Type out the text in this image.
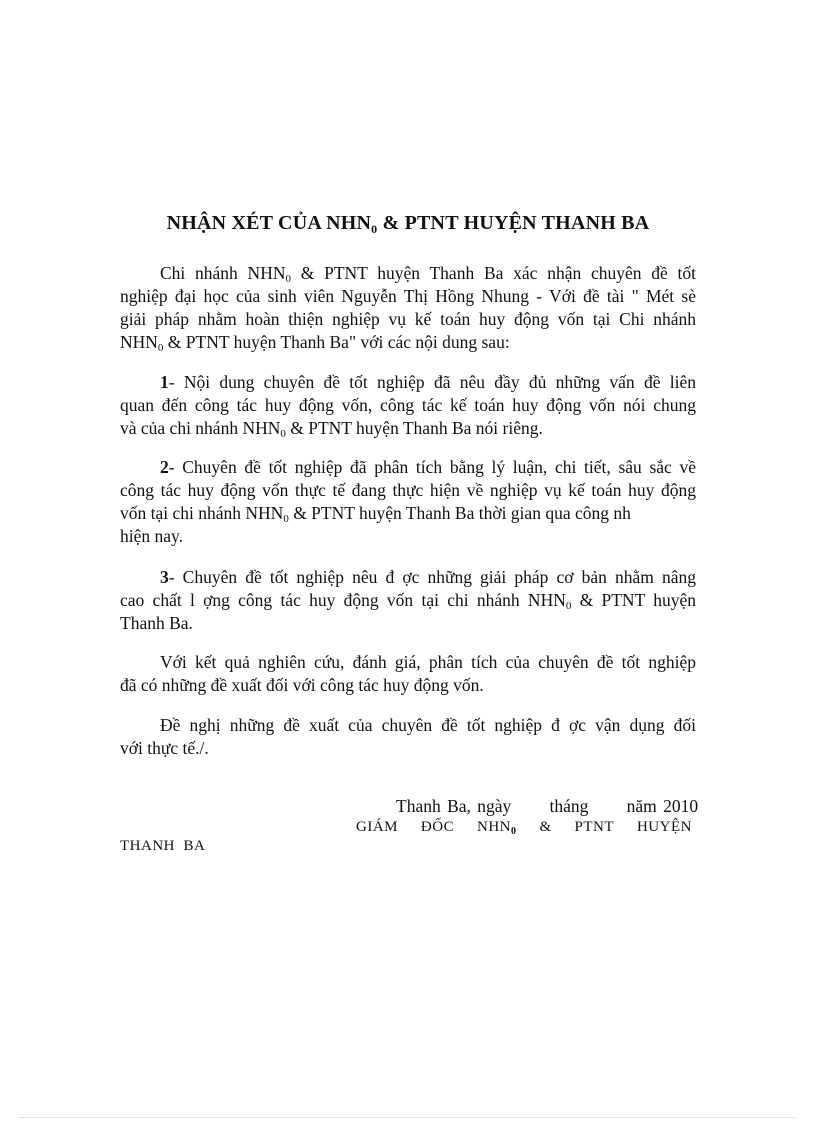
NHẬN XÉT CỦA $NHN_0$ & PTNT HUYỆN THANH BA
Chi nhánh $NHN_0$ & PTNT huyện Thanh Ba xác nhận chuyên đề tốt
nghiệp đại học của sinh viên Nguyễn Thị Hồng Nhung - Với đề tài " Mét sè
giải pháp nhằm hoàn thiện nghiệp vụ kế toán huy động vốn tại Chi nhánh
$NHN_0$ & PTNT huyện Thanh Ba" với các nội dung sau:
1- Nội dung chuyên đề tốt nghiệp đã nêu đầy đủ những vấn đề liên
quan đến công tác huy động vốn, công tác kế toán huy động vốn nói chung
và của chi nhánh $NHN_0$ & PTNT huyện Thanh Ba nói riêng.
2- Chuyên đề tốt nghiệp đã phân tích bằng lý luận, chi tiết, sâu sắc về
công tác huy động vốn thực tế đang thực hiện về nghiệp vụ kế toán huy động
vốn tại chi nhánh $NHN_0$ & PTNT huyện Thanh Ba thời gian qua công nh
hiện nay.
3- Chuyên đề tốt nghiệp nêu đ ợc những giải pháp cơ bản nhằm nâng
cao chất l ợng công tác huy động vốn tại chi nhánh $NHN_0$ & PTNT huyện
Thanh Ba.
Với kết quả nghiên cứu, đánh giá, phân tích của chuyên đề tốt nghiệp
đã có những đề xuất đối với công tác huy động vốn.
Đề nghị những đề xuất của chuyên đề tốt nghiệp đ ợc vận dụng đối
với thực tế./.
Thanh Ba, ngày      tháng      năm 2010
GIÁM ĐỐC $NHN_0$ & PTNT HUYỆN
THANH  BA
